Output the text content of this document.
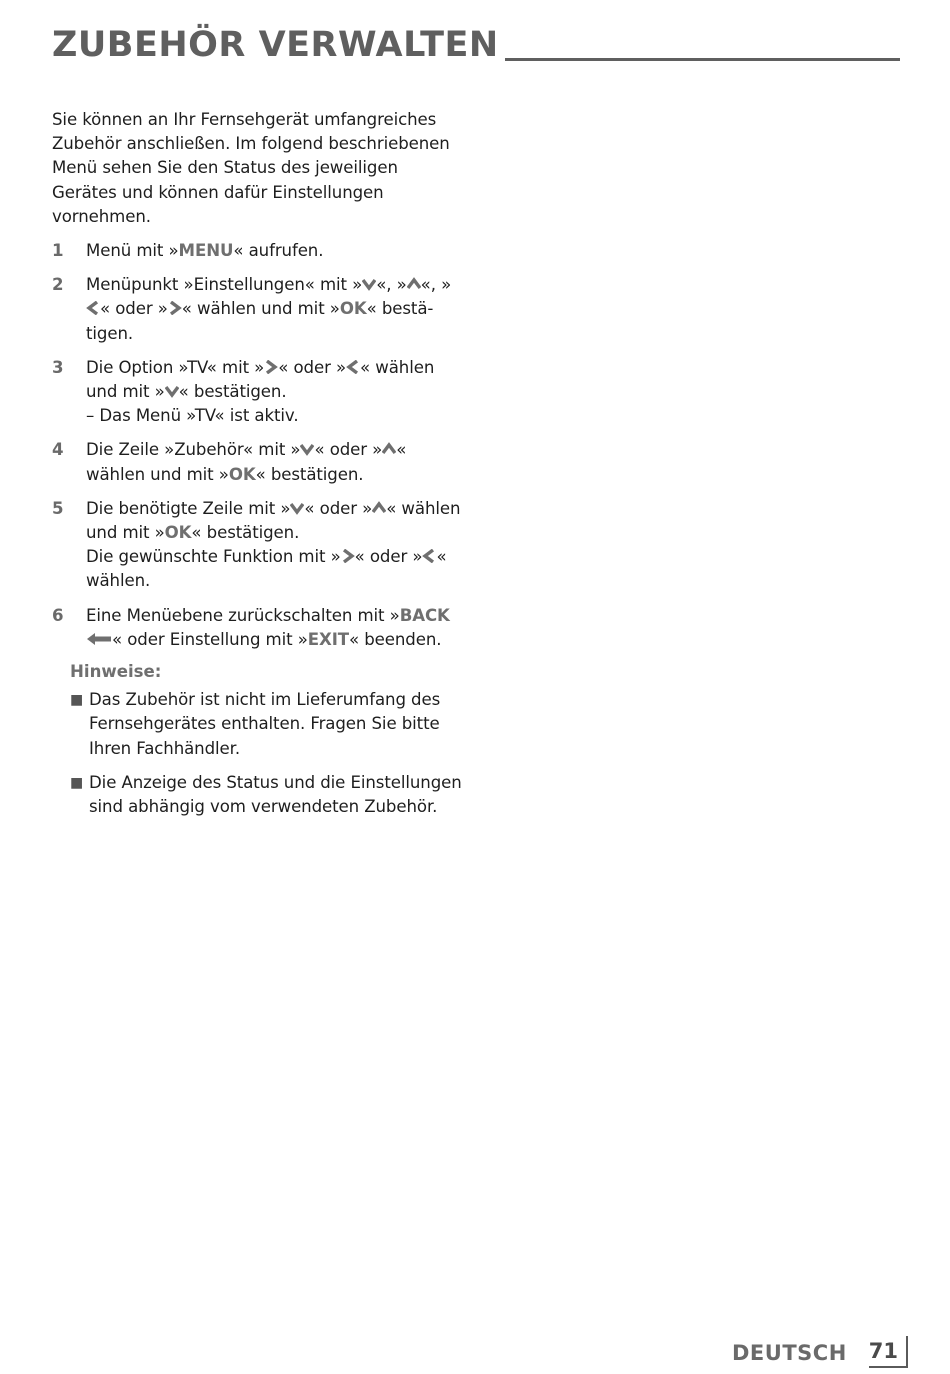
ZUBEHÖR VERWALTEN

Sie können an Ihr Fernsehgerät umfangreiches Zubehör anschließen. Im folgend beschriebenen Menü sehen Sie den Status des jeweiligen Gerätes und können dafür Einstellungen vornehmen.

1	Menü mit »MENU« aufrufen.
2	Menüpunkt »Einstellungen« mit » «, » «, »
« oder » « wählen und mit »OK« bestä-tigen.
3	Die Option »TV« mit » « oder » « wählen und mit » « bestätigen.
– Das Menü »TV« ist aktiv.
4	Die Zeile »Zubehör« mit » « oder » « wählen und mit »OK« bestätigen.
5	Die benötigte Zeile mit » « oder » « wählen und mit »OK« bestätigen.
Die gewünschte Funktion mit » « oder » « wählen.
6	Eine Menüebene zurückschalten mit »BACK

« oder Einstellung mit »EXIT« beenden.

Hinweise:

■ Das Zubehör ist nicht im Lieferumfang des Fernsehgerätes enthalten. Fragen Sie bitte Ihren Fachhändler.
■ Die Anzeige des Status und die Einstellungen sind abhängig vom verwendeten Zubehör.
DEUTSCH 71
